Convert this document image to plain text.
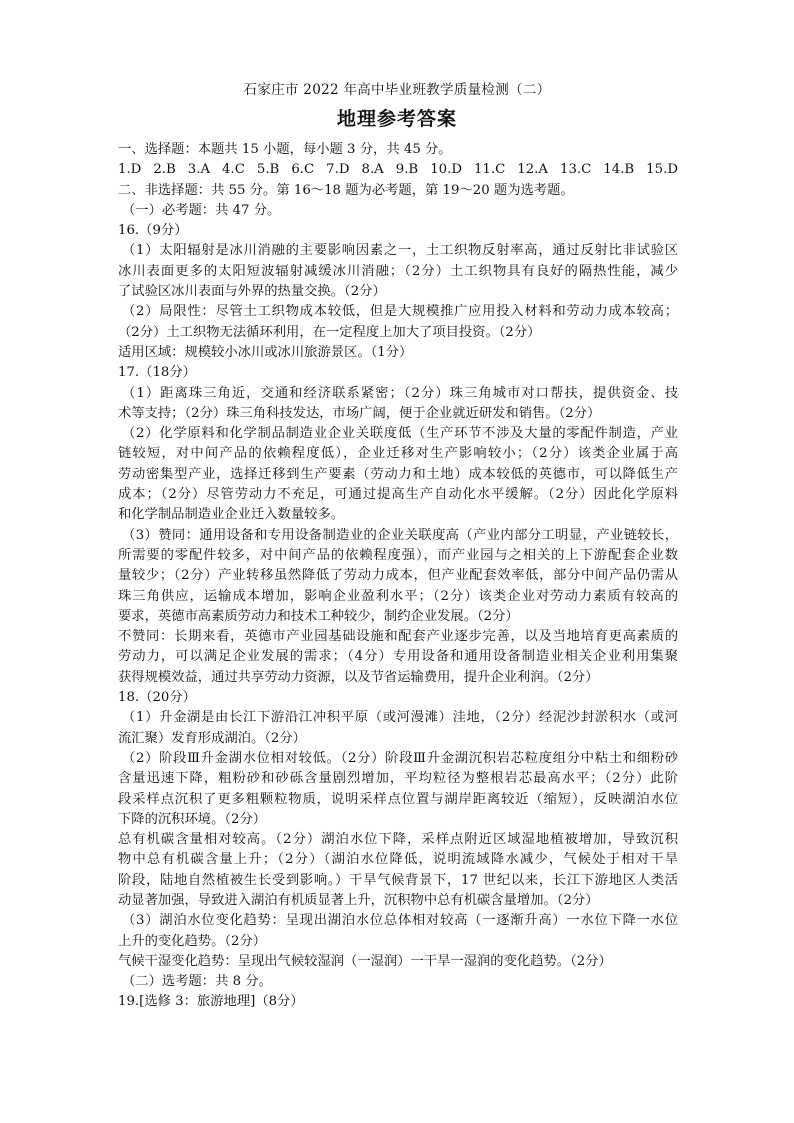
石家庄市 2022 年高中毕业班教学质量检测（二）
地理参考答案
一、选择题：本题共 15 小题，每小题 3 分，共 45 分。
1.D 2.B 3.A 4.C 5.B 6.C 7.D 8.A 9.B 10.D 11.C 12.A 13.C 14.B 15.D
二、非选择题：共 55 分。第 16～18 题为必考题，第 19～20 题为选考题。
（一）必考题：共 47 分。
16.（9分）
（1）太阳辐射是冰川消融的主要影响因素之一，土工织物反射率高，通过反射比非试验区
冰川表面更多的太阳短波辐射减缓冰川消融；（2分）土工织物具有良好的隔热性能，减少
了试验区冰川表面与外界的热量交换。（2分）
（2）局限性：尽管土工织物成本较低，但是大规模推广应用投入材料和劳动力成本较高；
（2分）土工织物无法循环利用，在一定程度上加大了项目投资。（2分）
适用区域：规模较小冰川或冰川旅游景区。（1分）
17.（18分）
（1）距离珠三角近，交通和经济联系紧密；（2分）珠三角城市对口帮扶，提供资金、技
术等支持；（2分）珠三角科技发达，市场广阔，便于企业就近研发和销售。（2分）
（2）化学原料和化学制品制造业企业关联度低（生产环节不涉及大量的零配件制造，产业
链较短，对中间产品的依赖程度低），企业迁移对生产影响较小；（2分）该类企业属于高
劳动密集型产业，选择迁移到生产要素（劳动力和土地）成本较低的英德市，可以降低生产
成本；（2分）尽管劳动力不充足，可通过提高生产自动化水平缓解。（2分）因此化学原料
和化学制品制造业企业迁入数量较多。
（3）赞同：通用设备和专用设备制造业的企业关联度高（产业内部分工明显，产业链较长，
所需要的零配件较多，对中间产品的依赖程度强），而产业园与之相关的上下游配套企业数
量较少；（2分）产业转移虽然降低了劳动力成本，但产业配套效率低，部分中间产品仍需从
珠三角供应，运输成本增加，影响企业盈利水平；（2分）该类企业对劳动力素质有较高的
要求，英德市高素质劳动力和技术工种较少，制约企业发展。（2分）
不赞同：长期来看，英德市产业园基础设施和配套产业逐步完善，以及当地培育更高素质的
劳动力，可以满足企业发展的需求；（4分）专用设备和通用设备制造业相关企业利用集聚
获得规模效益，通过共享劳动力资源，以及节省运输费用，提升企业利润。（2分）
18.（20分）
（1）升金湖是由长江下游沿江冲积平原（或河漫滩）洼地，（2分）经泥沙封淤积水（或河
流汇聚）发育形成湖泊。（2分）
（2）阶段Ⅲ升金湖水位相对较低。（2分）阶段Ⅲ升金湖沉积岩芯粒度组分中粘土和细粉砂
含量迅速下降，粗粉砂和砂砾含量剧烈增加，平均粒径为整根岩芯最高水平；（2分）此阶
段采样点沉积了更多粗颗粒物质，说明采样点位置与湖岸距离较近（缩短），反映湖泊水位
下降的沉积环境。（2分）
总有机碳含量相对较高。（2分）湖泊水位下降，采样点附近区域湿地植被增加，导致沉积
物中总有机碳含量上升；（2分）（湖泊水位降低，说明流域降水减少，气候处于相对干旱
阶段，陆地自然植被生长受到影响。）干旱气候背景下，17 世纪以来，长江下游地区人类活
动显著加强，导致进入湖泊有机质显著上升，沉积物中总有机碳含量增加。（2分）
（3）湖泊水位变化趋势：呈现出湖泊水位总体相对较高（一逐渐升高）一水位下降一水位
上升的变化趋势。（2分）
气候干湿变化趋势：呈现出气候较湿润（一湿润）一干旱一湿润的变化趋势。（2分）
（二）选考题：共 8 分。
19.[选修 3：旅游地理]（8分）
